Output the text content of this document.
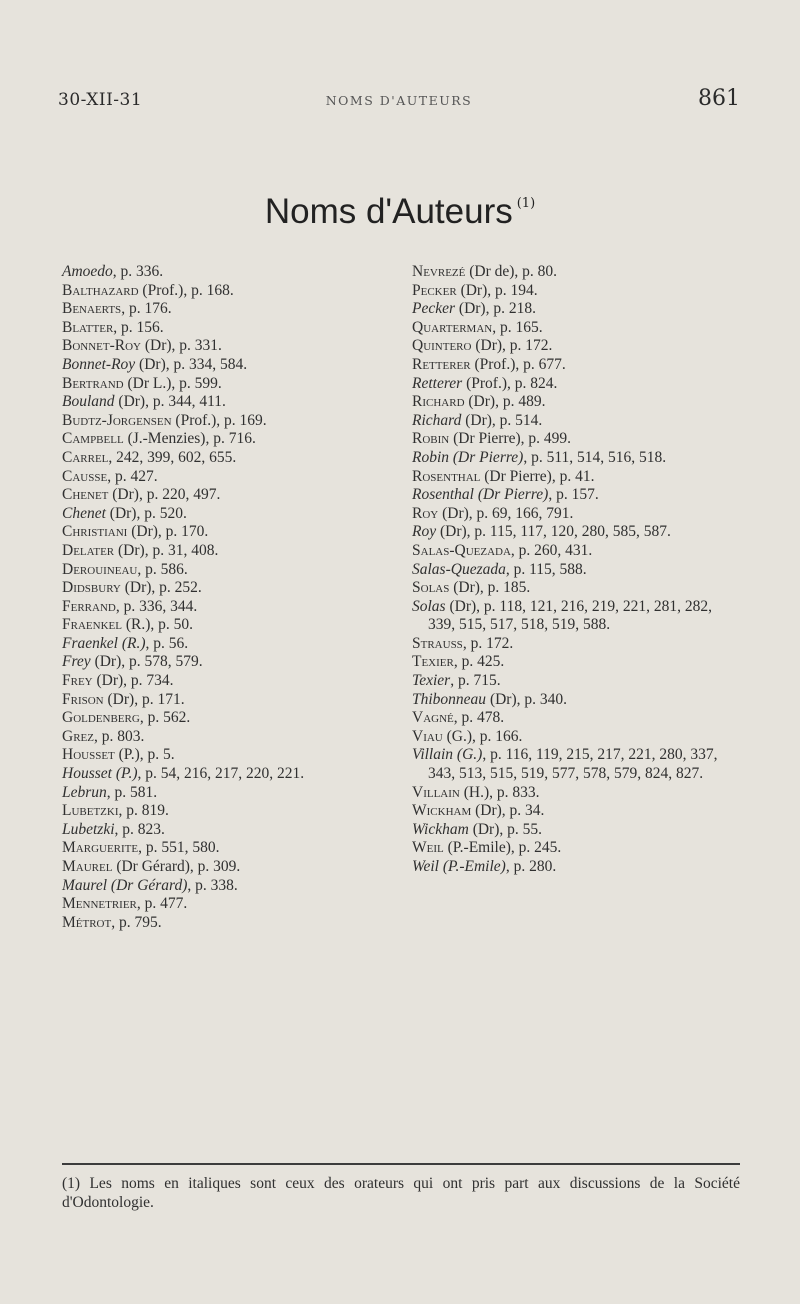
30-XII-31	NOMS D'AUTEURS	861
Noms d'Auteurs $^{(1)}$
Amoedo, p. 336.
Balthazard (Prof.), p. 168.
Benaerts, p. 176.
Blatter, p. 156.
Bonnet-Roy (Dr), p. 331.
Bonnet-Roy (Dr), p. 334, 584.
Bertrand (Dr L.), p. 599.
Bouland (Dr), p. 344, 411.
Budtz-Jorgensen (Prof.), p. 169.
Campbell (J.-Menzies), p. 716.
Carrel, 242, 399, 602, 655.
Causse, p. 427.
Chenet (Dr), p. 220, 497.
Chenet (Dr), p. 520.
Christiani (Dr), p. 170.
Delater (Dr), p. 31, 408.
Derouineau, p. 586.
Didsbury (Dr), p. 252.
Ferrand, p. 336, 344.
Fraenkel (R.), p. 50.
Fraenkel (R.), p. 56.
Frey (Dr), p. 578, 579.
Frey (Dr), p. 734.
Frison (Dr), p. 171.
Goldenberg, p. 562.
Grez, p. 803.
Housset (P.), p. 5.
Housset (P.), p. 54, 216, 217, 220, 221.
Lebrun, p. 581.
Lubetzki, p. 819.
Lubetzki, p. 823.
Marguerite, p. 551, 580.
Maurel (Dr Gérard), p. 309.
Maurel (Dr Gérard), p. 338.
Mennetrier, p. 477.
Métrot, p. 795.
Nevrezé (Dr de), p. 80.
Pecker (Dr), p. 194.
Pecker (Dr), p. 218.
Quarterman, p. 165.
Quintero (Dr), p. 172.
Retterer (Prof.), p. 677.
Retterer (Prof.), p. 824.
Richard (Dr), p. 489.
Richard (Dr), p. 514.
Robin (Dr Pierre), p. 499.
Robin (Dr Pierre), p. 511, 514, 516, 518.
Rosenthal (Dr Pierre), p. 41.
Rosenthal (Dr Pierre), p. 157.
Roy (Dr), p. 69, 166, 791.
Roy (Dr), p. 115, 117, 120, 280, 585, 587.
Salas-Quezada, p. 260, 431.
Salas-Quezada, p. 115, 588.
Solas (Dr), p. 185.
Solas (Dr), p. 118, 121, 216, 219, 221, 281, 282, 339, 515, 517, 518, 519, 588.
Strauss, p. 172.
Texier, p. 425.
Texier, p. 715.
Thibonneau (Dr), p. 340.
Vagné, p. 478.
Viau (G.), p. 166.
Villain (G.), p. 116, 119, 215, 217, 221, 280, 337, 343, 513, 515, 519, 577, 578, 579, 824, 827.
Villain (H.), p. 833.
Wickham (Dr), p. 34.
Wickham (Dr), p. 55.
Weil (P.-Emile), p. 245.
Weil (P.-Emile), p. 280.
(1) Les noms en italiques sont ceux des orateurs qui ont pris part aux discussions de la Société d'Odontologie.
